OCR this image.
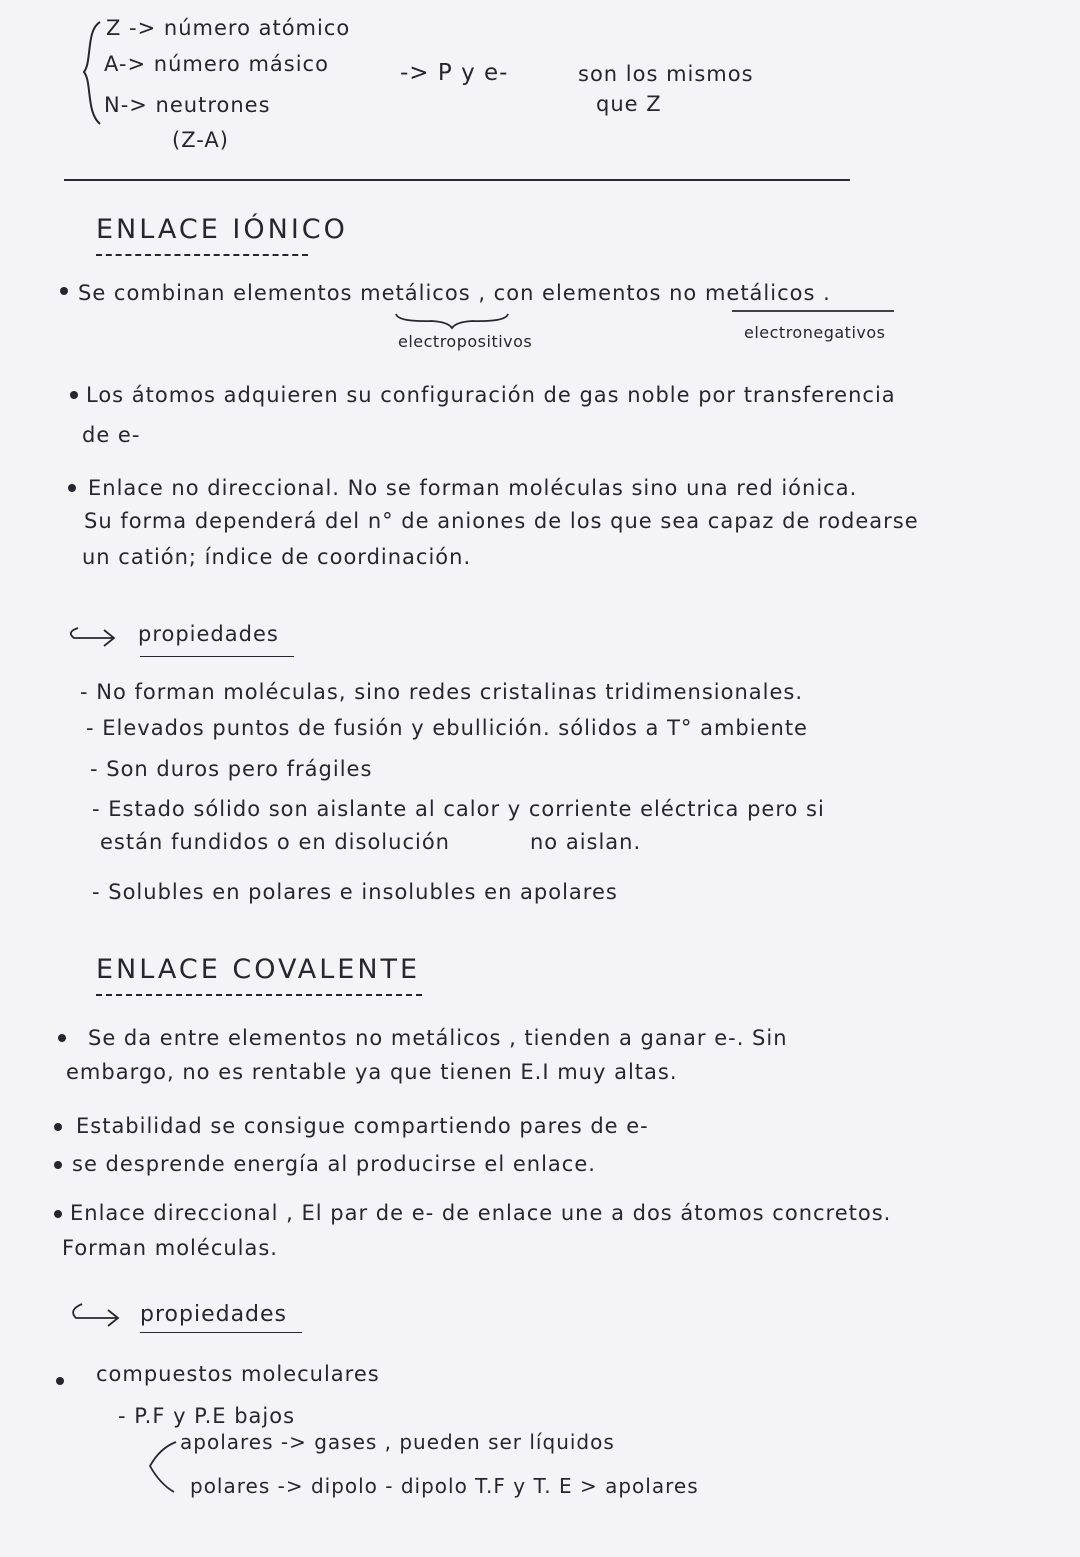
Z -> número atómico
A-> número másico
N-> neutrones
(Z-A)
-> P y e-	son los mismos
que Z
ENLACE IÓNICO
Se combinan elementos metálicos , con elementos no metálicos .
electropositivos	electronegativos
Los átomos adquieren su configuración de gas noble por transferencia
de e-
Enlace no direccional. No se forman moléculas sino una red iónica.
Su forma dependerá del n° de aniones de los que sea capaz de rodearse
un catión; índice de coordinación.
propiedades
- No forman moléculas, sino redes cristalinas tridimensionales.
- Elevados puntos de fusión y ebullición. sólidos a T° ambiente
- Son duros pero frágiles
- Estado sólido son aislante al calor y corriente eléctrica pero si
están fundidos o en disolución	no aislan.
- Solubles en polares e insolubles en apolares
ENLACE COVALENTE
Se da entre elementos no metálicos , tienden a ganar e-. Sin
embargo, no es rentable ya que tienen E.I muy altas.
Estabilidad se consigue compartiendo pares de e-
se desprende energía al producirse el enlace.
Enlace direccional , El par de e- de enlace une a dos átomos concretos.
Forman moléculas.
propiedades
compuestos moleculares
- P.F y P.E bajos
apolares -> gases , pueden ser líquidos
polares -> dipolo - dipolo T.F y T. E > apolares
